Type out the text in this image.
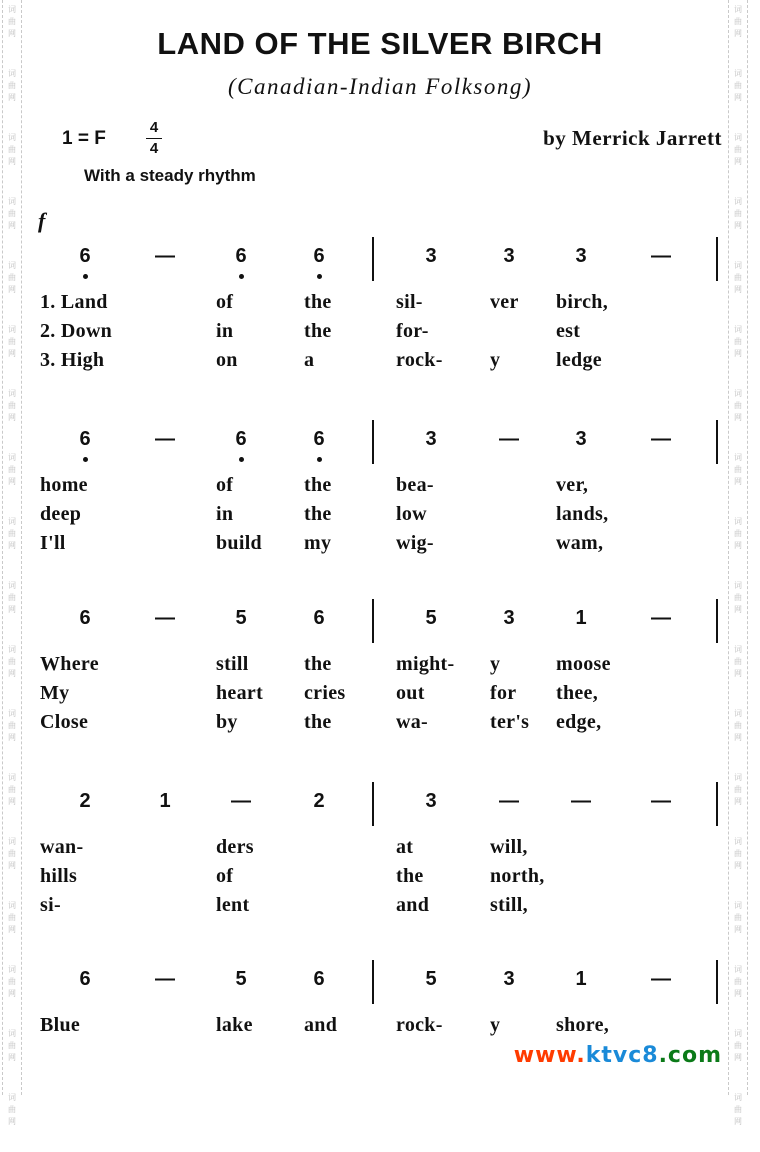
词
曲
网
词
曲
网
词
曲
网
词
曲
网
词
曲
网
词
曲
网
词
曲
网
词
曲
网
词
曲
网
词
曲
网
词
曲
网
词
曲
网
词
曲
网
词
曲
网
词
曲
网
词
曲
网
词
曲
网
词
曲
网
词
曲
网
词
曲
网
词
曲
网
词
曲
网
词
曲
网
词
曲
网
词
曲
网
词
曲
网
词
曲
网
词
曲
网
词
曲
网
词
曲
网
词
曲
网
词
曲
网
词
曲
网
词
曲
网
词
曲
网
词
曲
网
LAND OF THE SILVER BIRCH
(Canadian-Indian Folksong)
1 = F
4
4	by Merrick Jarrett
With a steady rhythm
f
6	—	6	6	3	3	3	—
1. Land	of	the	sil-	ver birch,
2. Down	in	the	for-	est
3. High	on	a	rock- y	ledge
6	—	6	6	3	—	3	—
home	of	the	bea-	ver,
deep	in	the	low	lands,
I'll	build my	wig-	wam,
6	—	5	6	5	3	1	—
Where	still	the	might- y	moose
My	heart cries	out	for thee,
Close	by	the	wa-	ter's edge,
2	1	—	2	3	—	—	—
wan-	ders	at	will,
hills	of	the	north,
si-	lent	and	still,
6	—	5	6	5	3	1	—
Blue	lake	and	rock- y	shore,
www.ktvc8.com
